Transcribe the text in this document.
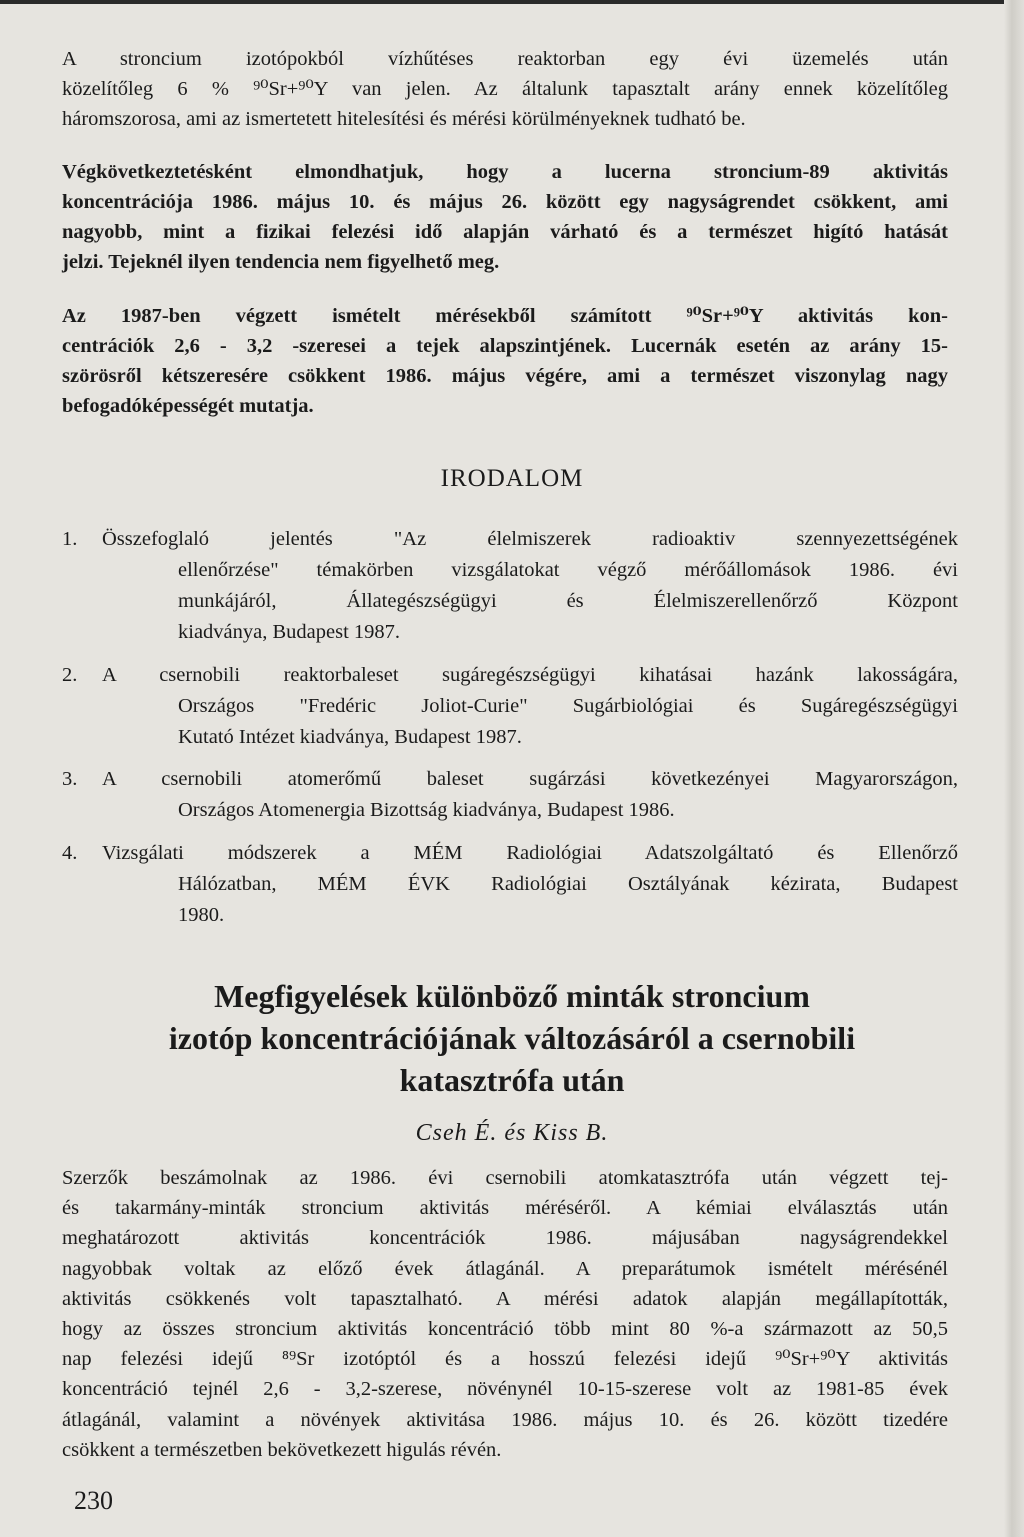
A stroncium izotópokból vízhűtéses reaktorban egy évi üzemelés után
közelítőleg 6 % ⁹⁰Sr+⁹⁰Y van jelen. Az általunk tapasztalt arány ennek közelítőleg
háromszorosa, ami az ismertetett hitelesítési és mérési körülményeknek tudható be.
Végkövetkeztetésként elmondhatjuk, hogy a lucerna stroncium-89 aktivitás
koncentrációja 1986. május 10. és május 26. között egy nagyságrendet csökkent, ami
nagyobb, mint a fizikai felezési idő alapján várható és a természet higító hatását
jelzi. Tejeknél ilyen tendencia nem figyelhető meg.
Az 1987-ben végzett ismételt mérésekből számított ⁹⁰Sr+⁹⁰Y aktivitás kon-
centrációk 2,6 - 3,2 -szeresei a tejek alapszintjének. Lucernák esetén az arány 15-
szörösről kétszeresére csökkent 1986. május végére, ami a természet viszonylag nagy
befogadóképességét mutatja.
IRODALOM
1.	Összefoglaló jelentés "Az élelmiszerek radioaktiv szennyezettségének
ellenőrzése" témakörben vizsgálatokat végző mérőállomások 1986. évi
munkájáról, Állategészségügyi és Élelmiszerellenőrző Központ
kiadványa, Budapest 1987.
2.	A csernobili reaktorbaleset sugáregészségügyi kihatásai hazánk lakosságára,
Országos "Fredéric Joliot-Curie" Sugárbiológiai és Sugáregészségügyi
Kutató Intézet kiadványa, Budapest 1987.
3.	A csernobili atomerőmű baleset sugárzási következényei Magyarországon,
Országos Atomenergia Bizottság kiadványa, Budapest 1986.
4.	Vizsgálati módszerek a MÉM Radiológiai Adatszolgáltató és Ellenőrző
Hálózatban, MÉM ÉVK Radiológiai Osztályának kézirata, Budapest
1980.
Megfigyelések különböző minták stroncium
izotóp koncentrációjának változásáról a csernobili
katasztrófa után
Cseh É. és Kiss B.
Szerzők beszámolnak az 1986. évi csernobili atomkatasztrófa után végzett tej-
és takarmány-minták stroncium aktivitás méréséről. A kémiai elválasztás után
meghatározott aktivitás koncentrációk 1986. májusában nagyságrendekkel
nagyobbak voltak az előző évek átlagánál. A preparátumok ismételt mérésénél
aktivitás csökkenés volt tapasztalható. A mérési adatok alapján megállapították,
hogy az összes stroncium aktivitás koncentráció több mint 80 %-a származott az 50,5
nap felezési idejű ⁸⁹Sr izotóptól és a hosszú felezési idejű ⁹⁰Sr+⁹⁰Y aktivitás
koncentráció tejnél 2,6 - 3,2-szerese, növénynél 10-15-szerese volt az 1981-85 évek
átlagánál, valamint a növények aktivitása 1986. május 10. és 26. között tizedére
csökkent a természetben bekövetkezett higulás révén.
230
